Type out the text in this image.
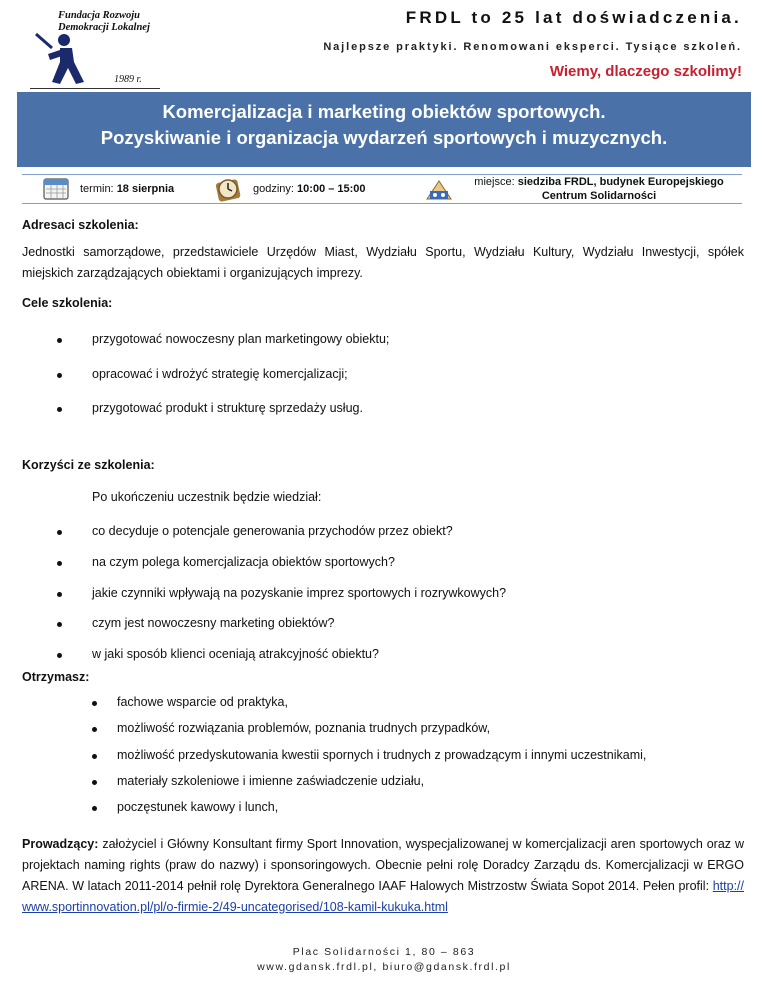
Fundacja Rozwoju
Demokracji Lokalnej
1989 r.
FRDL to 25 lat doświadczenia.
Najlepsze praktyki. Renomowani eksperci. Tysiące szkoleń.
Wiemy, dlaczego szkolimy!
Komercjalizacja i marketing obiektów sportowych.
Pozyskiwanie i organizacja wydarzeń sportowych i muzycznych.
termin: 18 sierpnia	godziny: 10:00 – 15:00
miejsce: siedziba FRDL, budynek Europejskiego
Centrum Solidarności
Adresaci szkolenia:
Jednostki samorządowe, przedstawiciele Urzędów Miast, Wydziału Sportu, Wydziału Kultury, Wydziału Inwestycji, spółek miejskich zarządzających obiektami i organizujących imprezy.
Cele szkolenia:
przygotować nowoczesny plan marketingowy obiektu;
opracować i wdrożyć strategię komercjalizacji;
przygotować produkt i strukturę sprzedaży usług.
Korzyści ze szkolenia:
Po ukończeniu uczestnik będzie wiedział:
co decyduje o potencjale generowania przychodów przez obiekt?
na czym polega komercjalizacja obiektów sportowych?
jakie czynniki wpływają na pozyskanie imprez sportowych i rozrywkowych?
czym jest nowoczesny marketing obiektów?
w jaki sposób klienci oceniają atrakcyjność obiektu?
Otrzymasz:
fachowe wsparcie od praktyka,
możliwość rozwiązania problemów, poznania trudnych przypadków,
możliwość przedyskutowania kwestii spornych i trudnych z prowadzącym i innymi uczestnikami,
materiały szkoleniowe i imienne zaświadczenie udziału,
poczęstunek kawowy i lunch,
Prowadzący: założyciel i Główny Konsultant firmy Sport Innovation, wyspecjalizowanej w komercjalizacji aren sportowych oraz w projektach naming rights (praw do nazwy) i sponsoringowych. Obecnie pełni rolę Doradcy Zarządu ds. Komercjalizacji w ERGO ARENA. W latach 2011-2014 pełnił rolę Dyrektora Generalnego IAAF Halowych Mistrzostw Świata Sopot 2014. Pełen profil: http://www.sportinnovation.pl/pl/o-firmie-2/49-uncategorised/108-kamil-kukuka.html
Plac Solidarności 1, 80 – 863
www.gdansk.frdl.pl, biuro@gdansk.frdl.pl
